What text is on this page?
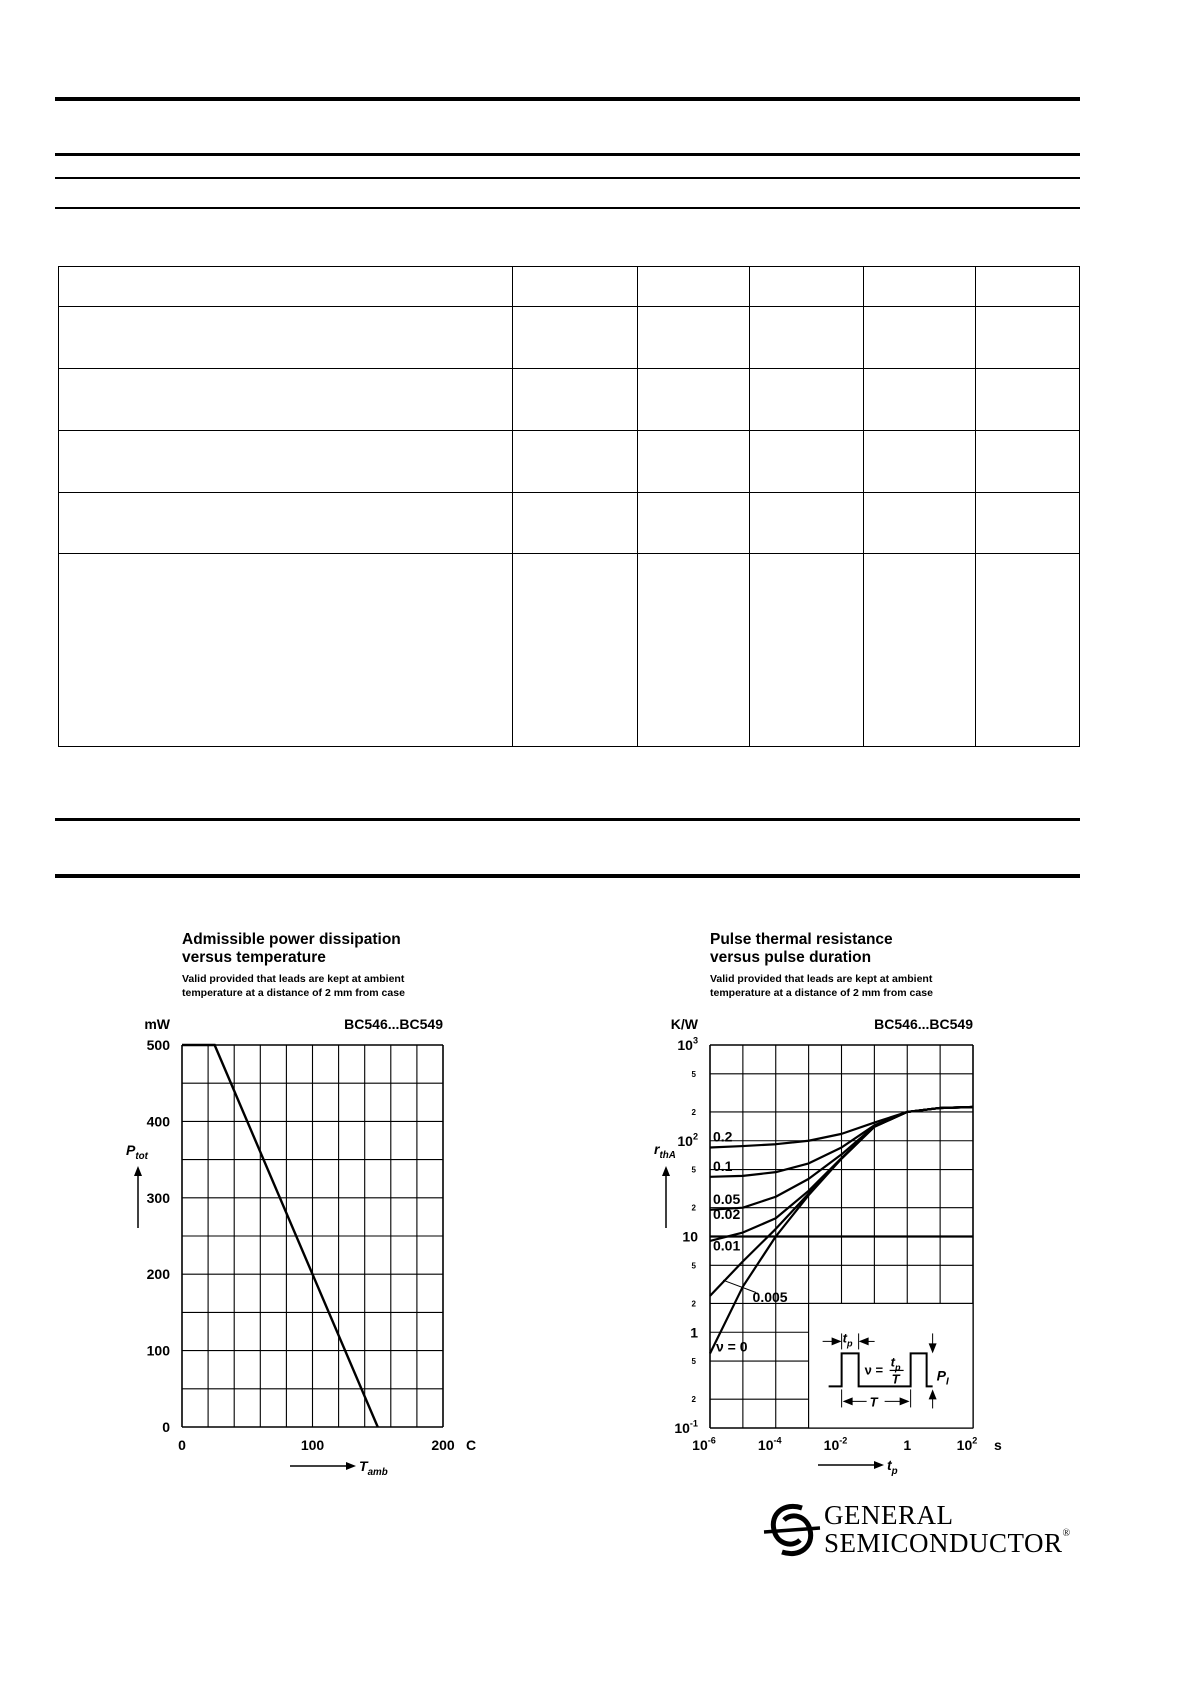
Admissible power dissipation
versus temperature
Valid provided that leads are kept at ambient
temperature at a distance of 2 mm from case
0
100
200
300
400
500
0	100	200 C
mW	BC546...BC549
$P_{tot}$
$T_{amb}$
Pulse thermal resistance
versus pulse duration
Valid provided that leads are kept at ambient
temperature at a distance of 2 mm from case
2
5
2
5
2
5
2
5
$10^{-1}$
1
10
$10^2$
$10^3$
$10^{-6}$	$10^{-4}$	$10^{-2}$	1	$10^2$ s
K/W	BC546...BC549
$r_{thA}$
$t_p$
ν = 0
0.005
0.01
0.02
0.05
0.1
0.2
$t_p$
ν =
$t_p$
T
T
$P_I$
GENERAL
SEMICONDUCTOR®
